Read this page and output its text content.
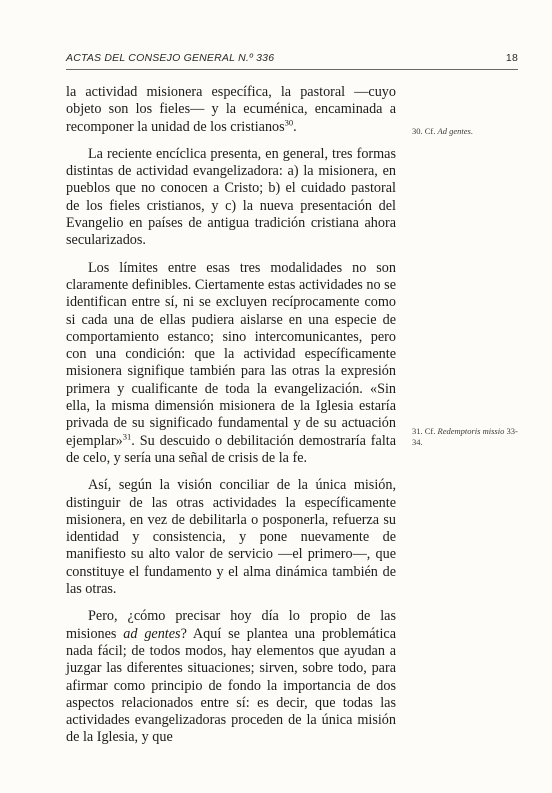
ACTAS DEL CONSEJO GENERAL N.º 336	18

la actividad misionera específica, la pastoral —cuyo objeto son los fieles— y la ecuménica, encaminada a recomponer la unidad de los cristianos$^{30}$.

La reciente encíclica presenta, en general, tres formas distintas de actividad evangelizadora: a) la misionera, en pueblos que no conocen a Cristo; b) el cuidado pastoral de los fieles cristianos, y c) la nueva presentación del Evangelio en países de antigua tradición cristiana ahora secularizados.

Los límites entre esas tres modalidades no son claramente definibles. Ciertamente estas actividades no se identifican entre sí, ni se excluyen recíprocamente como si cada una de ellas pudiera aislarse en una especie de comportamiento estanco; sino intercomunicantes, pero con una condición: que la actividad específicamente misionera signifique también para las otras la expresión primera y cualificante de toda la evangelización. «Sin ella, la misma dimensión misionera de la Iglesia estaría privada de su significado fundamental y de su actuación ejemplar»$^{31}$. Su descuido o debilitación demostraría falta de celo, y sería una señal de crisis de la fe.

Así, según la visión conciliar de la única misión, distinguir de las otras actividades la específicamente misionera, en vez de debilitarla o posponerla, refuerza su identidad y consistencia, y pone nuevamente de manifiesto su alto valor de servicio —el primero—, que constituye el fundamento y el alma dinámica también de las otras.

Pero, ¿cómo precisar hoy día lo propio de las misiones ad gentes? Aquí se plantea una problemática nada fácil; de todos modos, hay elementos que ayudan a juzgar las diferentes situaciones; sirven, sobre todo, para afirmar como principio de fondo la importancia de dos aspectos relacionados entre sí: es decir, que todas las actividades evangelizadoras proceden de la única misión de la Iglesia, y que

30. Cf. Ad gentes.
31. Cf. Redemptoris missio 33-34.
